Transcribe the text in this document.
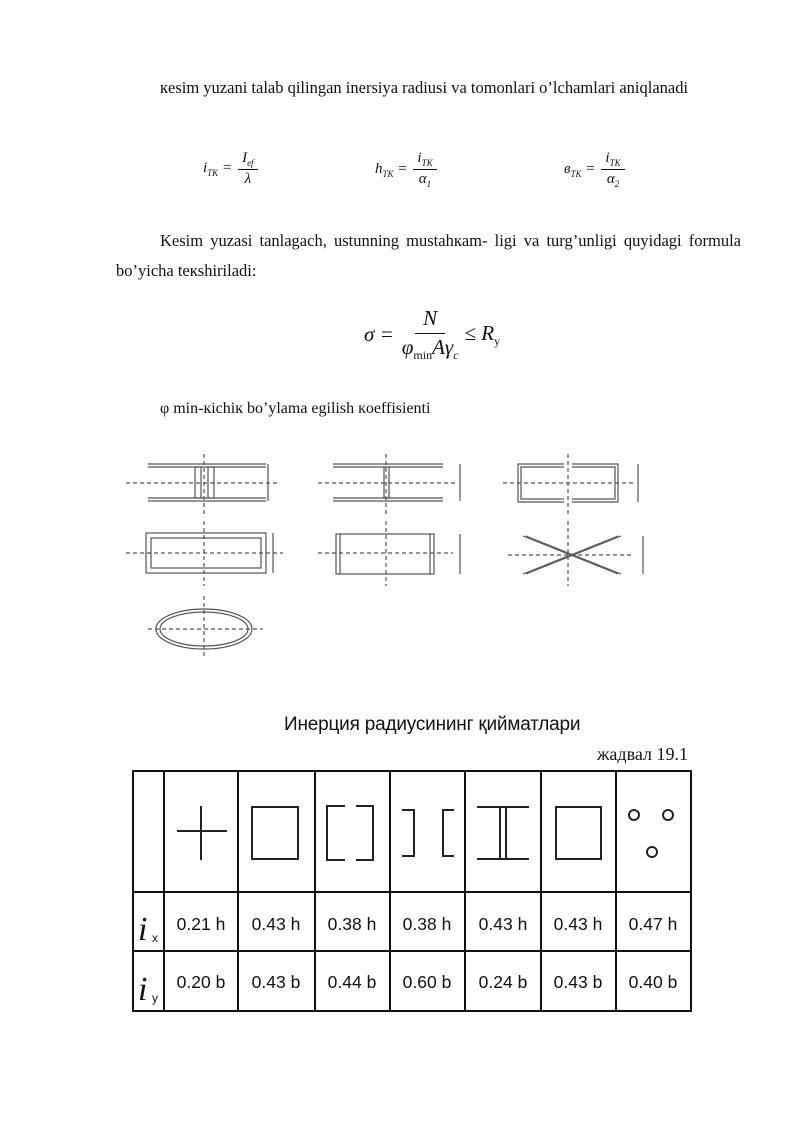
кesim yuzani talab qilingan inersiya radiusi va tomonlari o’lchamlari aniqlanadi
$i_{TK} = \frac{I_{ef}}{\lambda}$	$h_{TK} = \frac{i_{TK}}{\alpha_1}$	$в_{TK} = \frac{i_{TK}}{\alpha_2}$
Kesim yuzasi tanlagach, ustunning mustahкam- ligi va turg’unligi quyidagi formula bo’yicha teкshiriladi:
$\sigma = \frac{N}{\varphi_{min}A\gamma_c} \le R_y$
φ min-кichiк bo’ylama egilish кoeffisienti
Инерция радиусининг қийматлари
жадвал 19.1
i x
i y
0.21 h 0.43 h 0.38 h 0.38 h 0.43 h 0.43 h 0.47 h
0.20 b 0.43 b 0.44 b 0.60 b 0.24 b 0.43 b 0.40 b
